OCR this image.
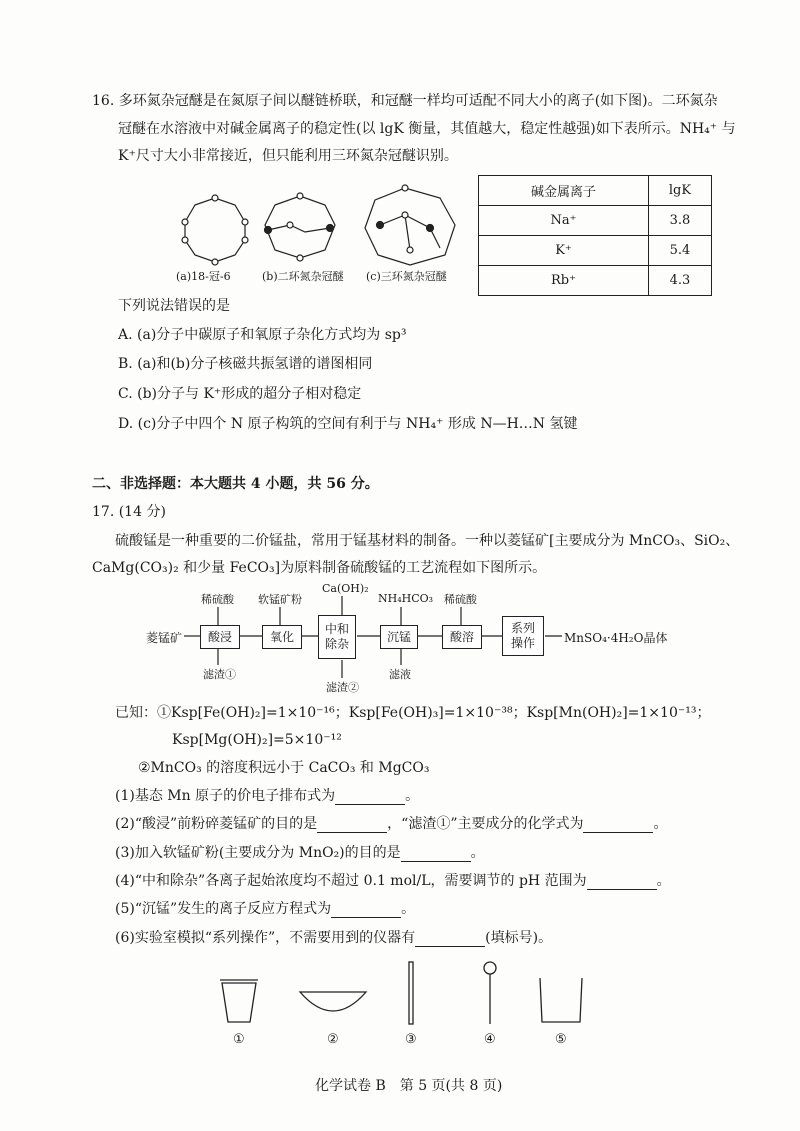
16. 多环氮杂冠醚是在氮原子间以醚链桥联，和冠醚一样均可适配不同大小的离子(如下图)。二环氮杂
冠醚在水溶液中对碱金属离子的稳定性(以 lgK 衡量，其值越大，稳定性越强)如下表所示。NH₄⁺ 与
K⁺尺寸大小非常接近，但只能利用三环氮杂冠醚识别。
(a)18-冠-6	(b)二环氮杂冠醚 (c)三环氮杂冠醚
碱金属离子	lgK
Na⁺	3.8
K⁺	5.4
Rb⁺	4.3
下列说法错误的是
A. (a)分子中碳原子和氧原子杂化方式均为 sp³
B. (a)和(b)分子核磁共振氢谱的谱图相同
C. (b)分子与 K⁺形成的超分子相对稳定
D. (c)分子中四个 N 原子构筑的空间有利于与 NH₄⁺ 形成 N—H…N 氢键
二、非选择题：本大题共 4 小题，共 56 分。
17. (14 分)
硫酸锰是一种重要的二价锰盐，常用于锰基材料的制备。一种以菱锰矿[主要成分为 MnCO₃、SiO₂、
CaMg(CO₃)₂ 和少量 FeCO₃]为原料制备硫酸锰的工艺流程如下图所示。
菱锰矿	酸浸	氧化
中和除杂
沉锰	酸溶
系列操作	MnSO₄·4H₂O晶体
稀硫酸 软锰矿粉
Ca(OH)₂
NH₄HCO₃ 稀硫酸
滤渣①
滤渣②
滤液
已知：①Ksp[Fe(OH)₂]=1×10⁻¹⁶；Ksp[Fe(OH)₃]=1×10⁻³⁸；Ksp[Mn(OH)₂]=1×10⁻¹³；
Ksp[Mg(OH)₂]=5×10⁻¹²
②MnCO₃ 的溶度积远小于 CaCO₃ 和 MgCO₃
(1)基态 Mn 原子的价电子排布式为	。
(2)“酸浸”前粉碎菱锰矿的目的是	，“滤渣①”主要成分的化学式为	。
(3)加入软锰矿粉(主要成分为 MnO₂)的目的是	。
(4)“中和除杂”各离子起始浓度均不超过 0.1 mol/L，需要调节的 pH 范围为	。
(5)“沉锰”发生的离子反应方程式为	。
(6)实验室模拟“系列操作”，不需要用到的仪器有	(填标号)。
①	②	③	④	⑤
化学试卷 B　第 5 页(共 8 页)
